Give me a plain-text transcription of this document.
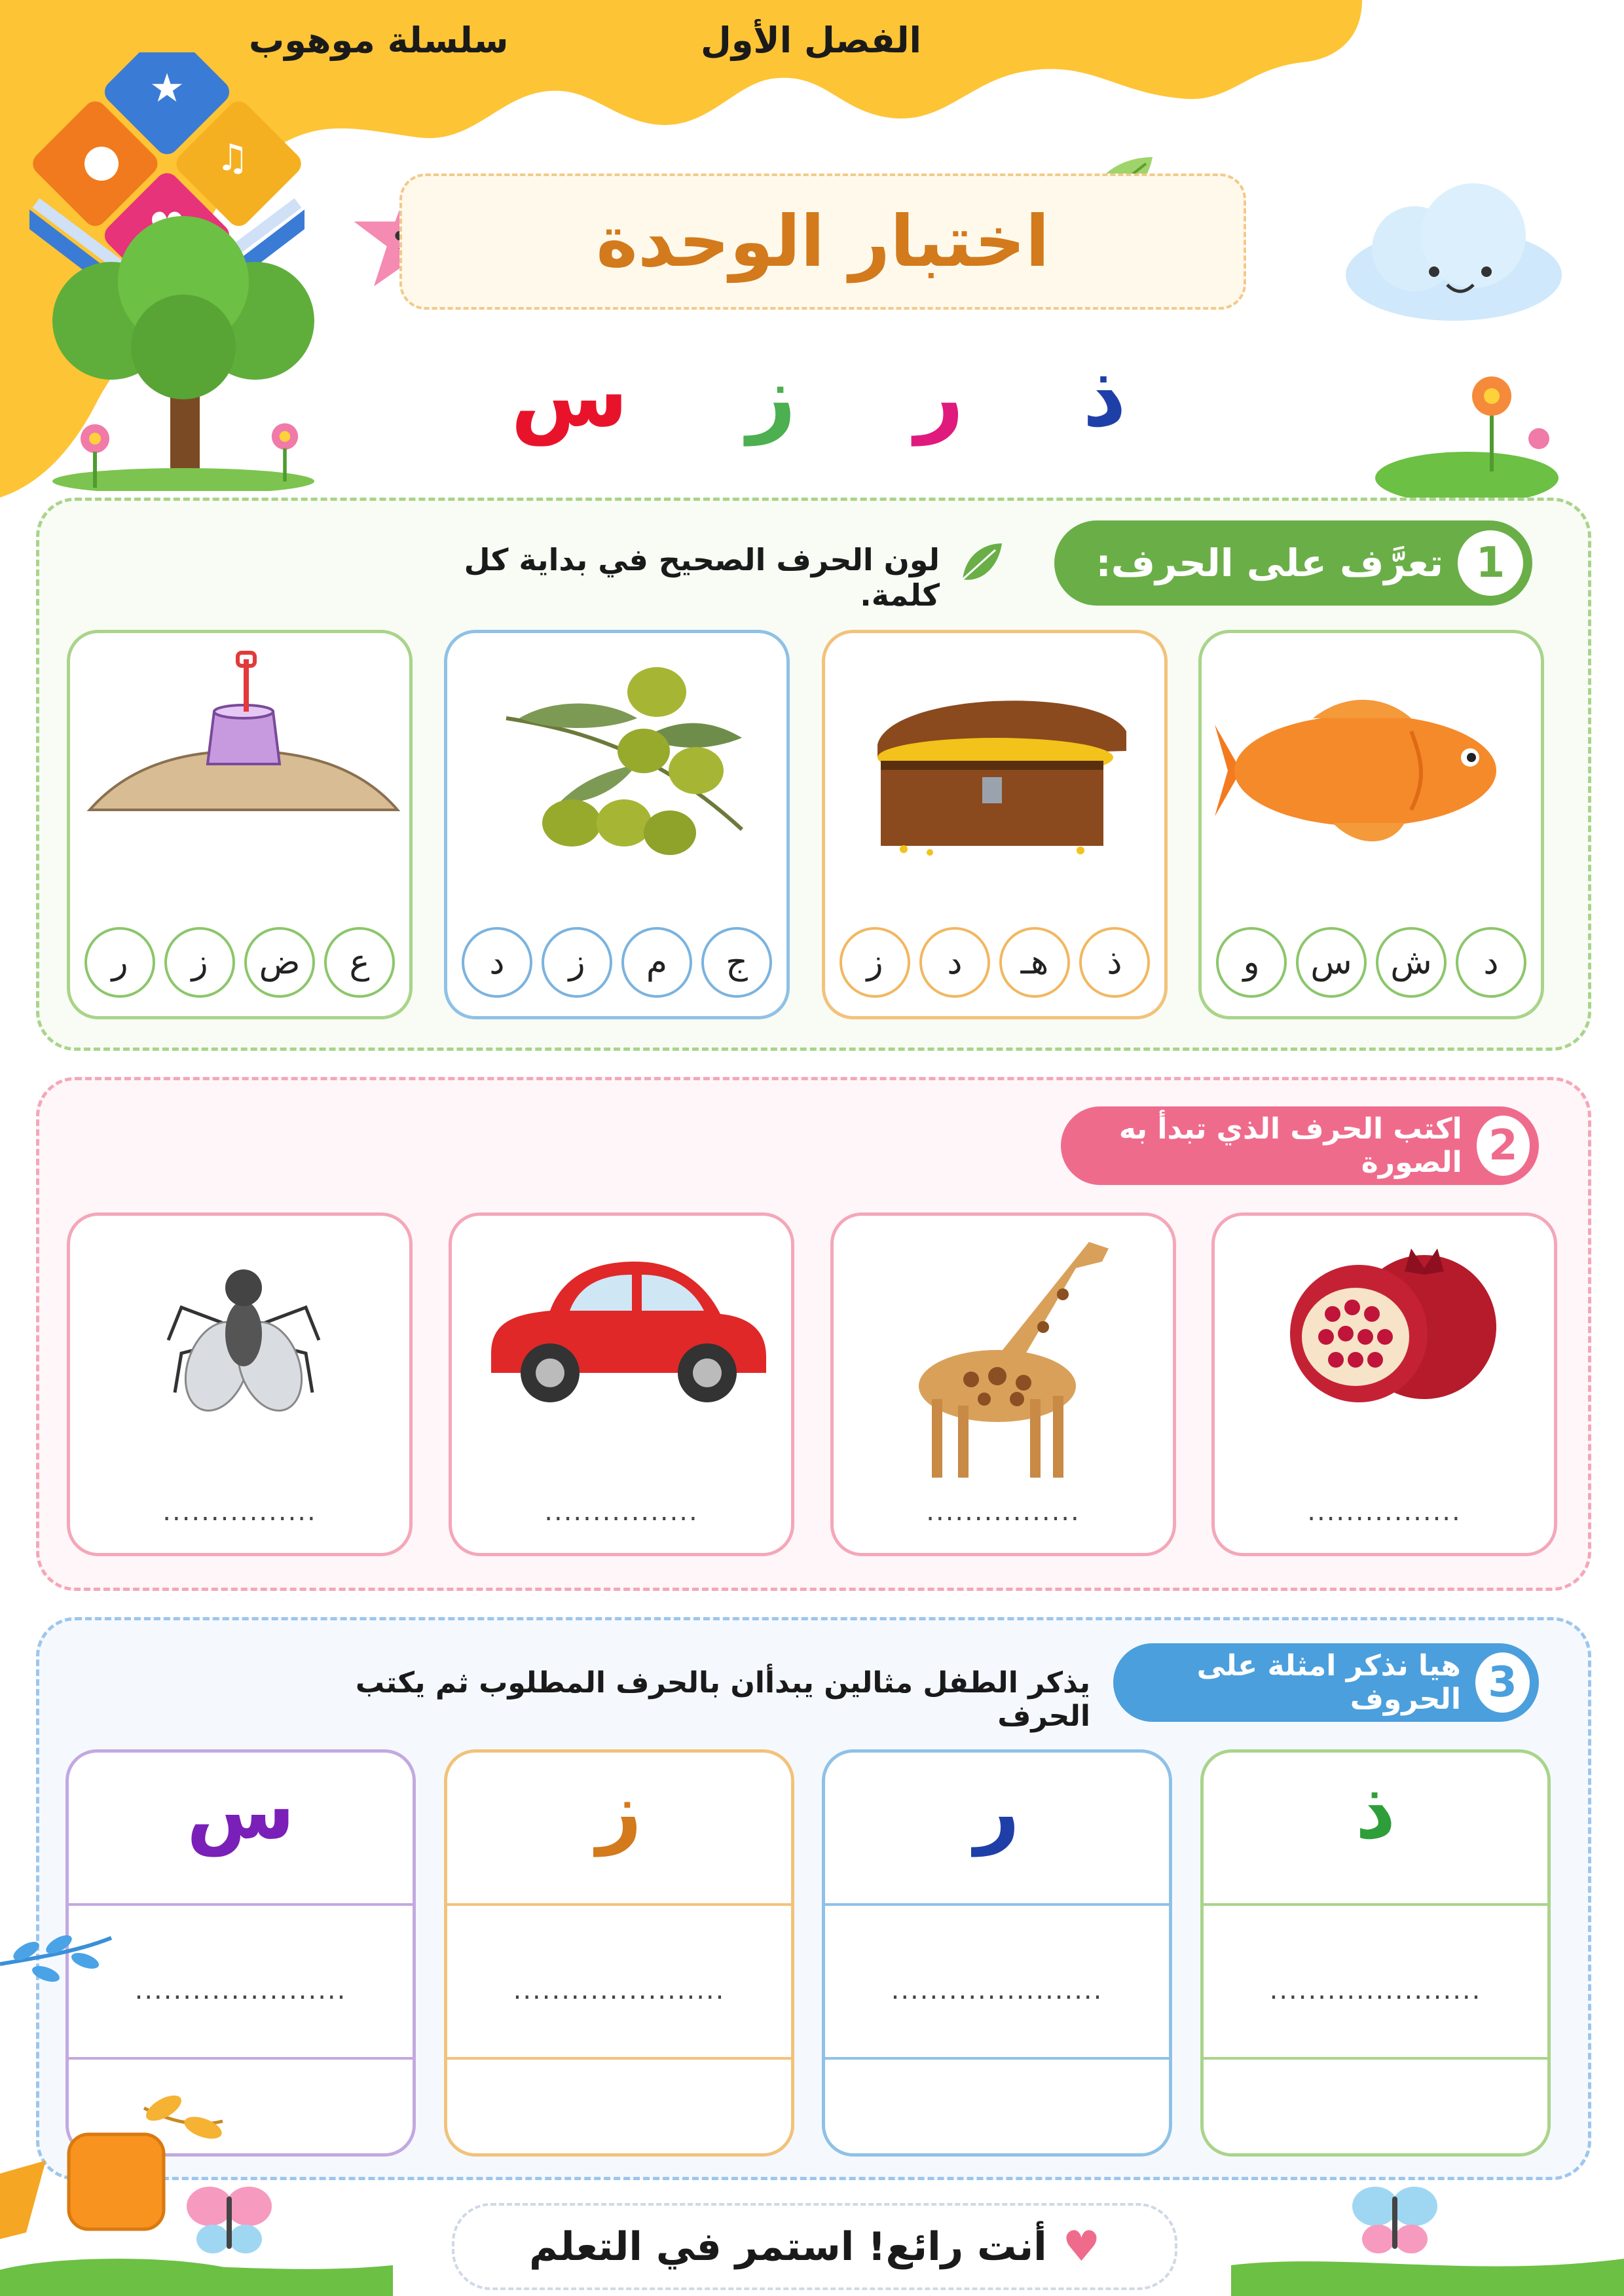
الفصل الأول
سلسلة موهوب
★
♫
اختبار الوحدة
ذ
ر
ز
س
1
تعرَّف على الحرف:
لون الحرف الصحيح في بداية كل كلمة.
د
ش
س
و
ذ
هـ
د
ز
ج
م
ز
د
ع
ض
ز
ر
2
اكتب الحرف الذي تبدأ به الصورة
................
................
................
................
3
هيا نذكر امثلة على الحروف
يذكر الطفل مثالين يبدأان بالحرف المطلوب ثم يكتب الحرف
ذ
......................
ر
......................
ز
......................
س
......................
♥
أنت رائع! استمر في التعلم
